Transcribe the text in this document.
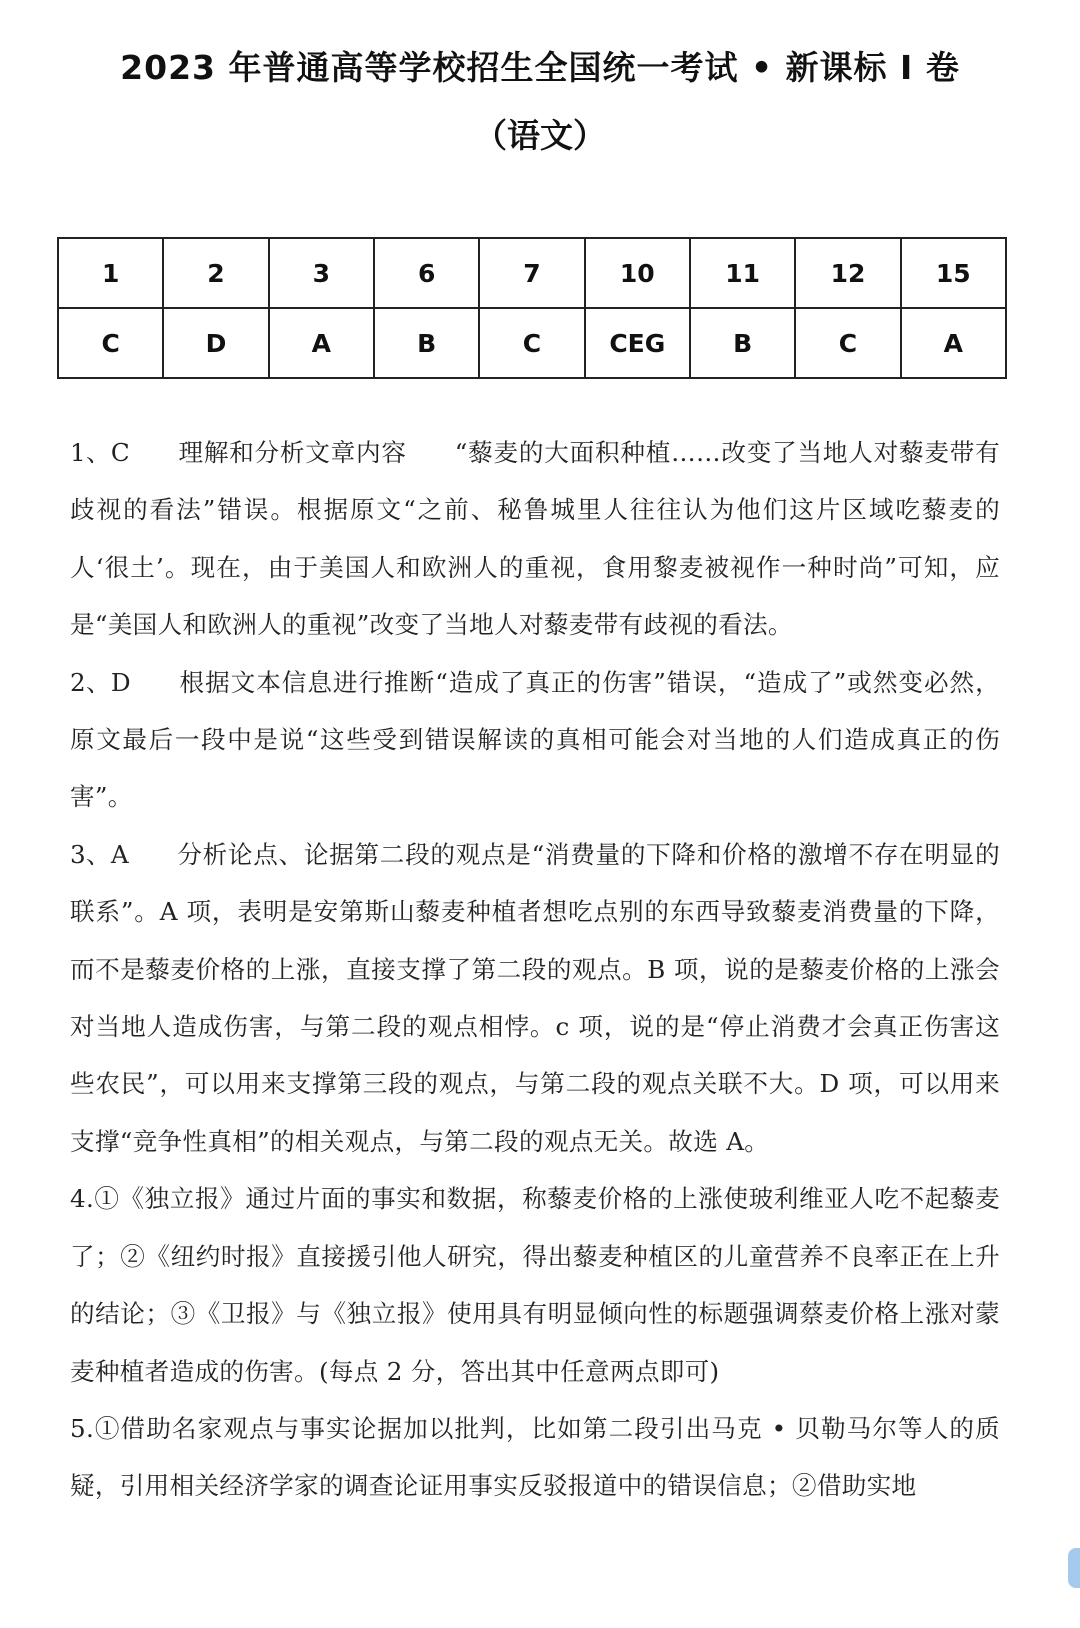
2023 年普通高等学校招生全国统一考试 • 新课标 I 卷
（语文）
1	2	3	6	7	10	11	12	15
C	D	A	B	C	CEG	B	C	A

1、C 理解和分析文章内容 “藜麦的大面积种植……改变了当地人对藜麦带有歧视的看法”错误。根据原文“之前、秘鲁城里人往往认为他们这片区域吃藜麦的人‘很土’。现在，由于美国人和欧洲人的重视，食用黎麦被视作一种时尚”可知，应是“美国人和欧洲人的重视”改变了当地人对藜麦带有歧视的看法。

2、D 根据文本信息进行推断“造成了真正的伤害”错误，“造成了”或然变必然，原文最后一段中是说“这些受到错误解读的真相可能会对当地的人们造成真正的伤害”。

3、A 分析论点、论据第二段的观点是“消费量的下降和价格的激增不存在明显的联系”。A 项，表明是安第斯山藜麦种植者想吃点别的东西导致藜麦消费量的下降，而不是藜麦价格的上涨，直接支撑了第二段的观点。B 项，说的是藜麦价格的上涨会对当地人造成伤害，与第二段的观点相悖。c 项，说的是“停止消费才会真正伤害这些农民”，可以用来支撑第三段的观点，与第二段的观点关联不大。D 项，可以用来支撑“竞争性真相”的相关观点，与第二段的观点无关。故选 A。

4.①《独立报》通过片面的事实和数据，称藜麦价格的上涨使玻利维亚人吃不起藜麦了；②《纽约时报》直接援引他人研究，得出藜麦种植区的儿童营养不良率正在上升的结论；③《卫报》与《独立报》使用具有明显倾向性的标题强调蔡麦价格上涨对蒙麦种植者造成的伤害。(每点 2 分，答出其中任意两点即可)

5.①借助名家观点与事实论据加以批判，比如第二段引出马克 • 贝勒马尔等人的质疑，引用相关经济学家的调查论证用事实反驳报道中的错误信息；②借助实地
